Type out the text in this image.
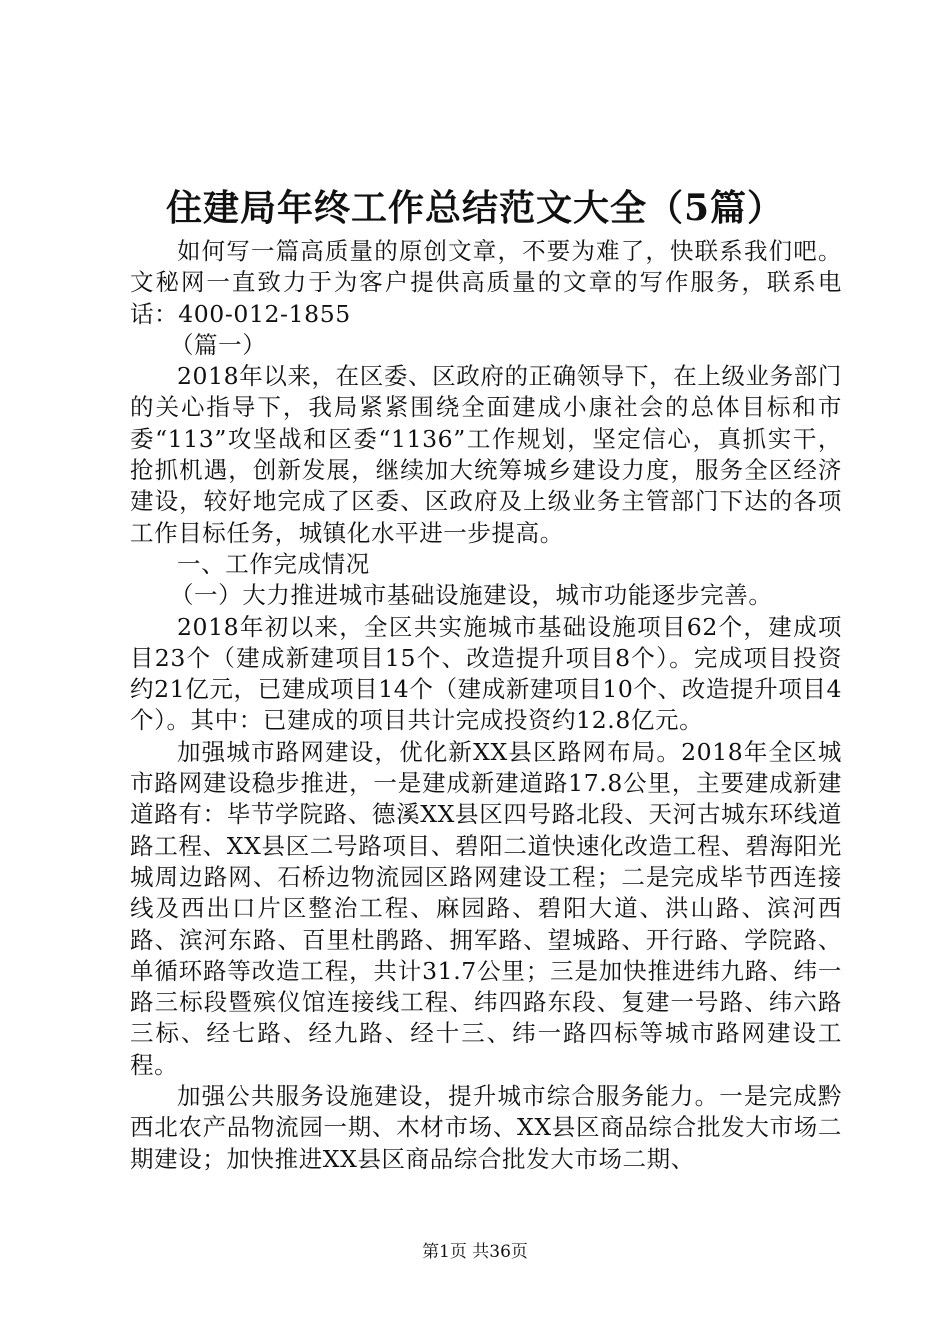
住建局年终工作总结范文大全（5篇）

如何写一篇高质量的原创文章，不要为难了，快联系我们吧。文秘网一直致力于为客户提供高质量的文章的写作服务，联系电话：400-012-1855

（篇一）

2018年以来，在区委、区政府的正确领导下，在上级业务部门的关心指导下，我局紧紧围绕全面建成小康社会的总体目标和市委“113”攻坚战和区委“1136”工作规划，坚定信心，真抓实干，抢抓机遇，创新发展，继续加大统筹城乡建设力度，服务全区经济建设，较好地完成了区委、区政府及上级业务主管部门下达的各项工作目标任务，城镇化水平进一步提高。

一、工作完成情况

（一）大力推进城市基础设施建设，城市功能逐步完善。

2018年初以来，全区共实施城市基础设施项目62个，建成项目23个（建成新建项目15个、改造提升项目8个）。完成项目投资约21亿元，已建成项目14个（建成新建项目10个、改造提升项目4个）。其中：已建成的项目共计完成投资约12.8亿元。

加强城市路网建设，优化新XX县区路网布局。2018年全区城市路网建设稳步推进，一是建成新建道路17.8公里，主要建成新建道路有：毕节学院路、德溪XX县区四号路北段、天河古城东环线道路工程、XX县区二号路项目、碧阳二道快速化改造工程、碧海阳光城周边路网、石桥边物流园区路网建设工程；二是完成毕节西连接线及西出口片区整治工程、麻园路、碧阳大道、洪山路、滨河西路、滨河东路、百里杜鹃路、拥军路、望城路、开行路、学院路、单循环路等改造工程，共计31.7公里；三是加快推进纬九路、纬一路三标段暨殡仪馆连接线工程、纬四路东段、复建一号路、纬六路三标、经七路、经九路、经十三、纬一路四标等城市路网建设工程。

加强公共服务设施建设，提升城市综合服务能力。一是完成黔西北农产品物流园一期、木材市场、XX县区商品综合批发大市场二期建设；加快推进XX县区商品综合批发大市场二期、

第1页 共36页
